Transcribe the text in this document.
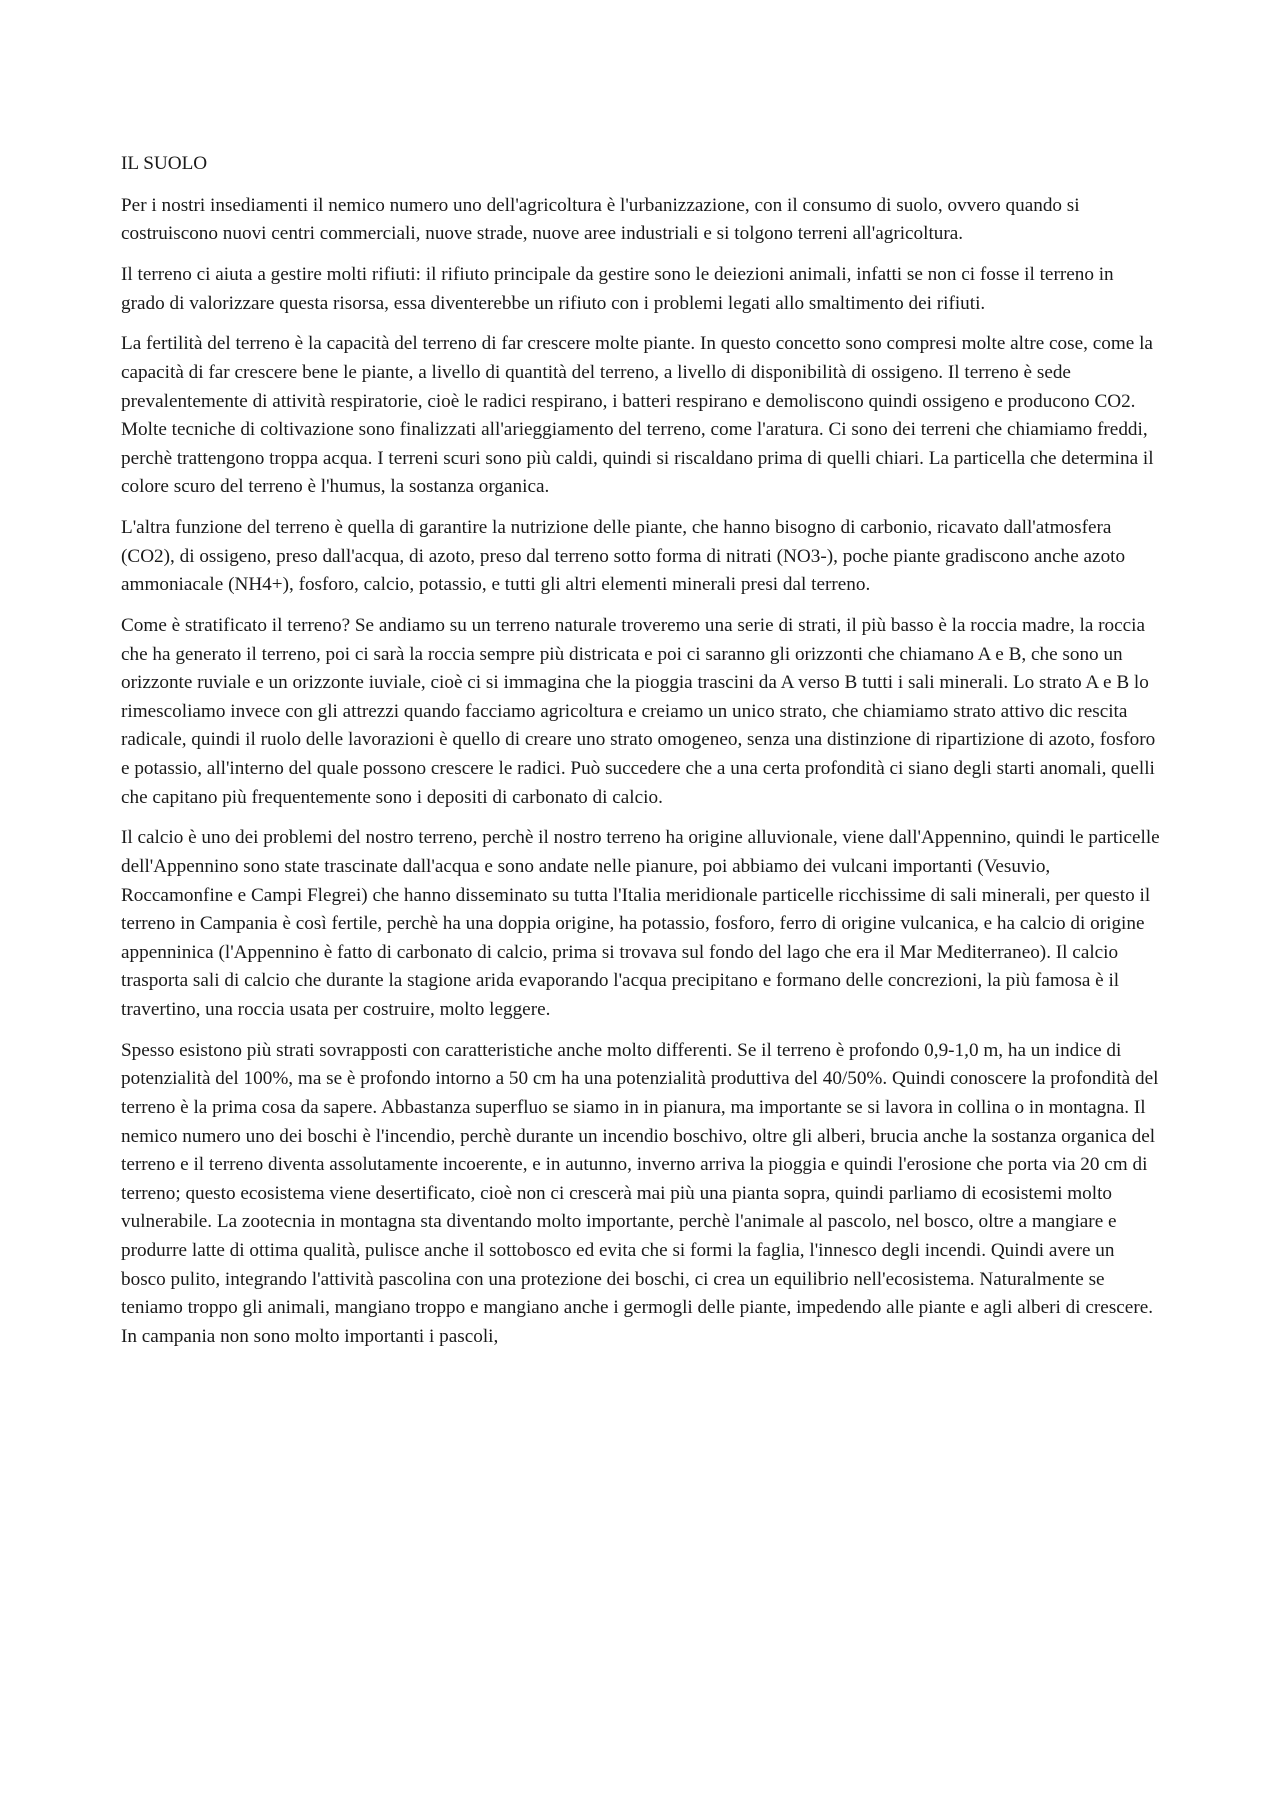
IL SUOLO

Per i nostri insediamenti il nemico numero uno dell'agricoltura è l'urbanizzazione, con il consumo di suolo, ovvero quando si costruiscono nuovi centri commerciali, nuove strade, nuove aree industriali e si tolgono terreni all'agricoltura.

Il terreno ci aiuta a gestire molti rifiuti: il rifiuto principale da gestire sono le deiezioni animali, infatti se non ci fosse il terreno in grado di valorizzare questa risorsa, essa diventerebbe un rifiuto con i problemi legati allo smaltimento dei rifiuti.

La fertilità del terreno è la capacità del terreno di far crescere molte piante. In questo concetto sono compresi molte altre cose, come la capacità di far crescere bene le piante, a livello di quantità del terreno, a livello di disponibilità di ossigeno. Il terreno è sede prevalentemente di attività respiratorie, cioè le radici respirano, i batteri respirano e demoliscono quindi ossigeno e producono CO2. Molte tecniche di coltivazione sono finalizzati all'arieggiamento del terreno, come l'aratura. Ci sono dei terreni che chiamiamo freddi, perchè trattengono troppa acqua. I terreni scuri sono più caldi, quindi si riscaldano prima di quelli chiari. La particella che determina il colore scuro del terreno è l'humus, la sostanza organica.

L'altra funzione del terreno è quella di garantire la nutrizione delle piante, che hanno bisogno di carbonio, ricavato dall'atmosfera (CO2), di ossigeno, preso dall'acqua, di azoto, preso dal terreno sotto forma di nitrati (NO3-), poche piante gradiscono anche azoto ammoniacale (NH4+), fosforo, calcio, potassio, e tutti gli altri elementi minerali presi dal terreno.

Come è stratificato il terreno? Se andiamo su un terreno naturale troveremo una serie di strati, il più basso è la roccia madre, la roccia che ha generato il terreno, poi ci sarà la roccia sempre più districata e poi ci saranno gli orizzonti che chiamano A e B, che sono un orizzonte ruviale e un orizzonte iuviale, cioè ci si immagina che la pioggia trascini da A verso B tutti i sali minerali. Lo strato A e B lo rimescoliamo invece con gli attrezzi quando facciamo agricoltura e creiamo un unico strato, che chiamiamo strato attivo dic rescita radicale, quindi il ruolo delle lavorazioni è quello di creare uno strato omogeneo, senza una distinzione di ripartizione di azoto, fosforo e potassio, all'interno del quale possono crescere le radici. Può succedere che a una certa profondità ci siano degli starti anomali, quelli che capitano più frequentemente sono i depositi di carbonato di calcio.

Il calcio è uno dei problemi del nostro terreno, perchè il nostro terreno ha origine alluvionale, viene dall'Appennino, quindi le particelle dell'Appennino sono state trascinate dall'acqua e sono andate nelle pianure, poi abbiamo dei vulcani importanti (Vesuvio, Roccamonfine e Campi Flegrei) che hanno disseminato su tutta l'Italia meridionale particelle ricchissime di sali minerali, per questo il terreno in Campania è così fertile, perchè ha una doppia origine, ha potassio, fosforo, ferro di origine vulcanica, e ha calcio di origine appenninica (l'Appennino è fatto di carbonato di calcio, prima si trovava sul fondo del lago che era il Mar Mediterraneo). Il calcio trasporta sali di calcio che durante la stagione arida evaporando l'acqua precipitano e formano delle concrezioni, la più famosa è il travertino, una roccia usata per costruire, molto leggere.

Spesso esistono più strati sovrapposti con caratteristiche anche molto differenti. Se il terreno è profondo 0,9-1,0 m, ha un indice di potenzialità del 100%, ma se è profondo intorno a 50 cm ha una potenzialità produttiva del 40/50%. Quindi conoscere la profondità del terreno è la prima cosa da sapere. Abbastanza superfluo se siamo in in pianura, ma importante se si lavora in collina o in montagna. Il nemico numero uno dei boschi è l'incendio, perchè durante un incendio boschivo, oltre gli alberi, brucia anche la sostanza organica del terreno e il terreno diventa assolutamente incoerente, e in autunno, inverno arriva la pioggia e quindi l'erosione che porta via 20 cm di terreno; questo ecosistema viene desertificato, cioè non ci crescerà mai più una pianta sopra, quindi parliamo di ecosistemi molto vulnerabile. La zootecnia in montagna sta diventando molto importante, perchè l'animale al pascolo, nel bosco, oltre a mangiare e produrre latte di ottima qualità, pulisce anche il sottobosco ed evita che si formi la faglia, l'innesco degli incendi. Quindi avere un bosco pulito, integrando l'attività pascolina con una protezione dei boschi, ci crea un equilibrio nell'ecosistema. Naturalmente se teniamo troppo gli animali, mangiano troppo e mangiano anche i germogli delle piante, impedendo alle piante e agli alberi di crescere. In campania non sono molto importanti i pascoli,
